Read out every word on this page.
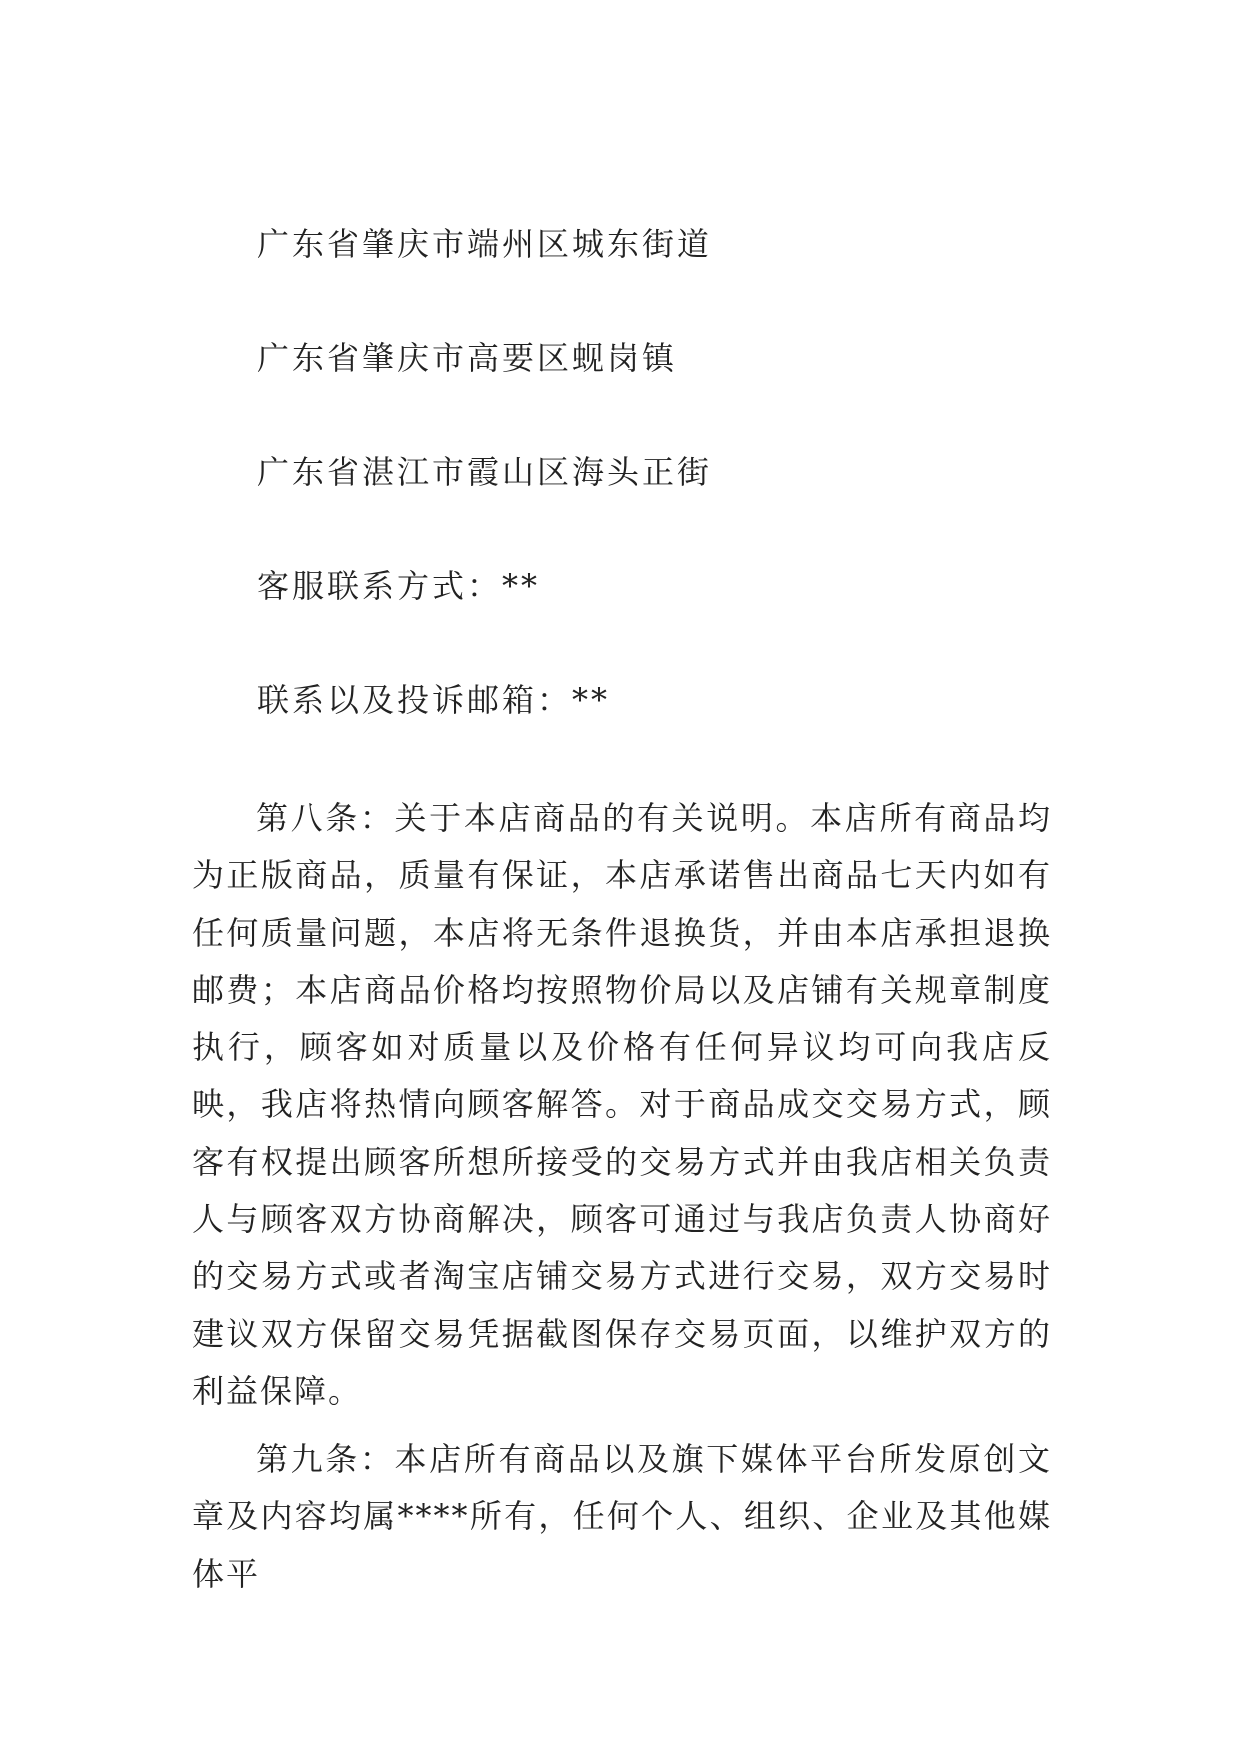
广东省肇庆市端州区城东街道
广东省肇庆市高要区蚬岗镇
广东省湛江市霞山区海头正街
客服联系方式：**
联系以及投诉邮箱：**
第八条：关于本店商品的有关说明。本店所有商品均为正版商品，质量有保证，本店承诺售出商品七天内如有任何质量问题，本店将无条件退换货，并由本店承担退换邮费；本店商品价格均按照物价局以及店铺有关规章制度执行，顾客如对质量以及价格有任何异议均可向我店反映，我店将热情向顾客解答。对于商品成交交易方式，顾客有权提出顾客所想所接受的交易方式并由我店相关负责人与顾客双方协商解决，顾客可通过与我店负责人协商好的交易方式或者淘宝店铺交易方式进行交易，双方交易时建议双方保留交易凭据截图保存交易页面，以维护双方的利益保障。
第九条：本店所有商品以及旗下媒体平台所发原创文章及内容均属****所有，任何个人、组织、企业及其他媒体平
